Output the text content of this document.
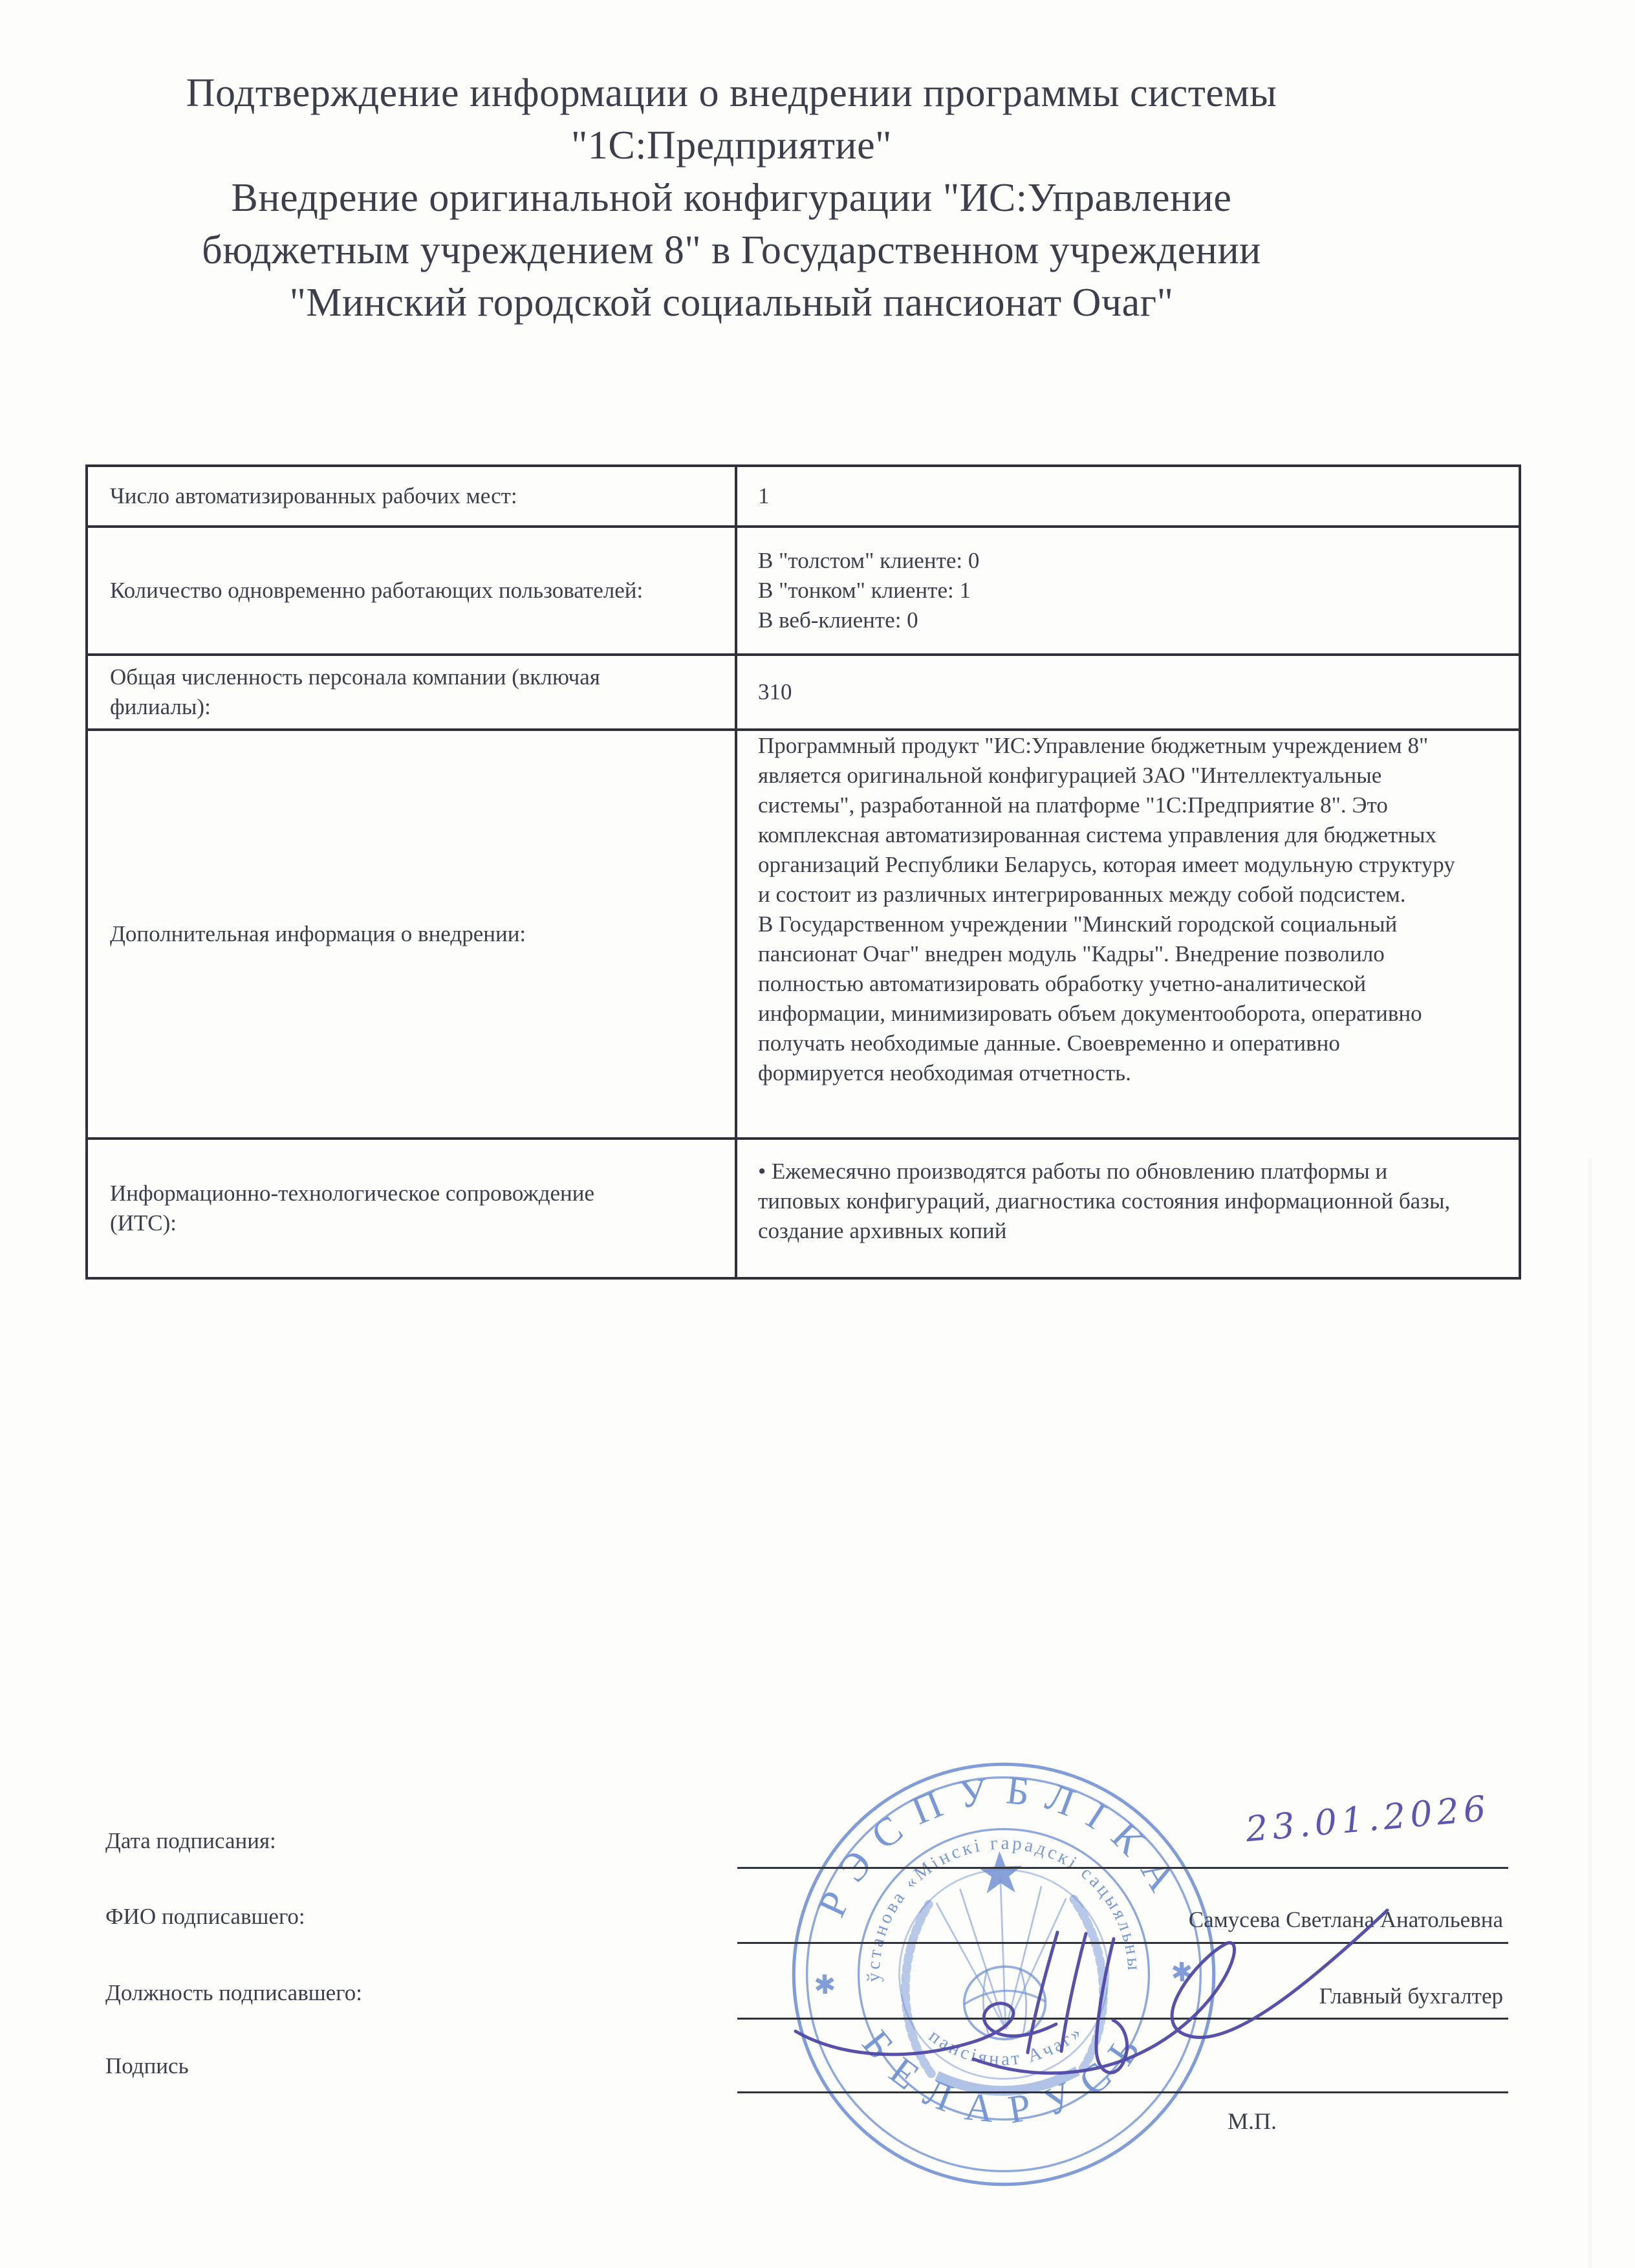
Подтверждение информации о внедрении программы системы
"1С:Предприятие"
Внедрение оригинальной конфигурации "ИС:Управление
бюджетным учреждением 8" в Государственном учреждении
"Минский городской социальный пансионат Очаг"
Число автоматизированных рабочих мест:	1
Количество одновременно работающих пользователей:
В "толстом" клиенте: 0
В "тонком" клиенте: 1
В веб-клиенте: 0
Общая численность персонала компании (включая филиалы):
310
Дополнительная информация о внедрении:
Программный продукт "ИС:Управление бюджетным учреждением 8" является оригинальной конфигурацией ЗАО "Интеллектуальные системы", разработанной на платформе "1С:Предприятие 8". Это комплексная автоматизированная система управления для бюджетных организаций Республики Беларусь, которая имеет модульную структуру и состоит из различных интегрированных между собой подсистем.
В Государственном учреждении "Минский городской социальный пансионат Очаг" внедрен модуль "Кадры". Внедрение позволило полностью автоматизировать обработку учетно-аналитической информации, минимизировать объем документооборота, оперативно получать необходимые данные. Своевременно и оперативно формируется необходимая отчетность.
Информационно-технологическое сопровождение (ИТС):
• Ежемесячно производятся работы по обновлению платформы и типовых конфигураций, диагностика состояния информационной базы, создание архивных копий
РЭСПУБЛІКА
БЕЛАРУСЬ
ўстанова «Мінскі гарадскі сацыяльны
пансіянат Ачаг»
✱	✱
Дата подписания:
ФИО подписавшего:
Должность подписавшего:
Подпись
23.01.2026
Самусева Светлана Анатольевна
Главный бухгалтер
М.П.
